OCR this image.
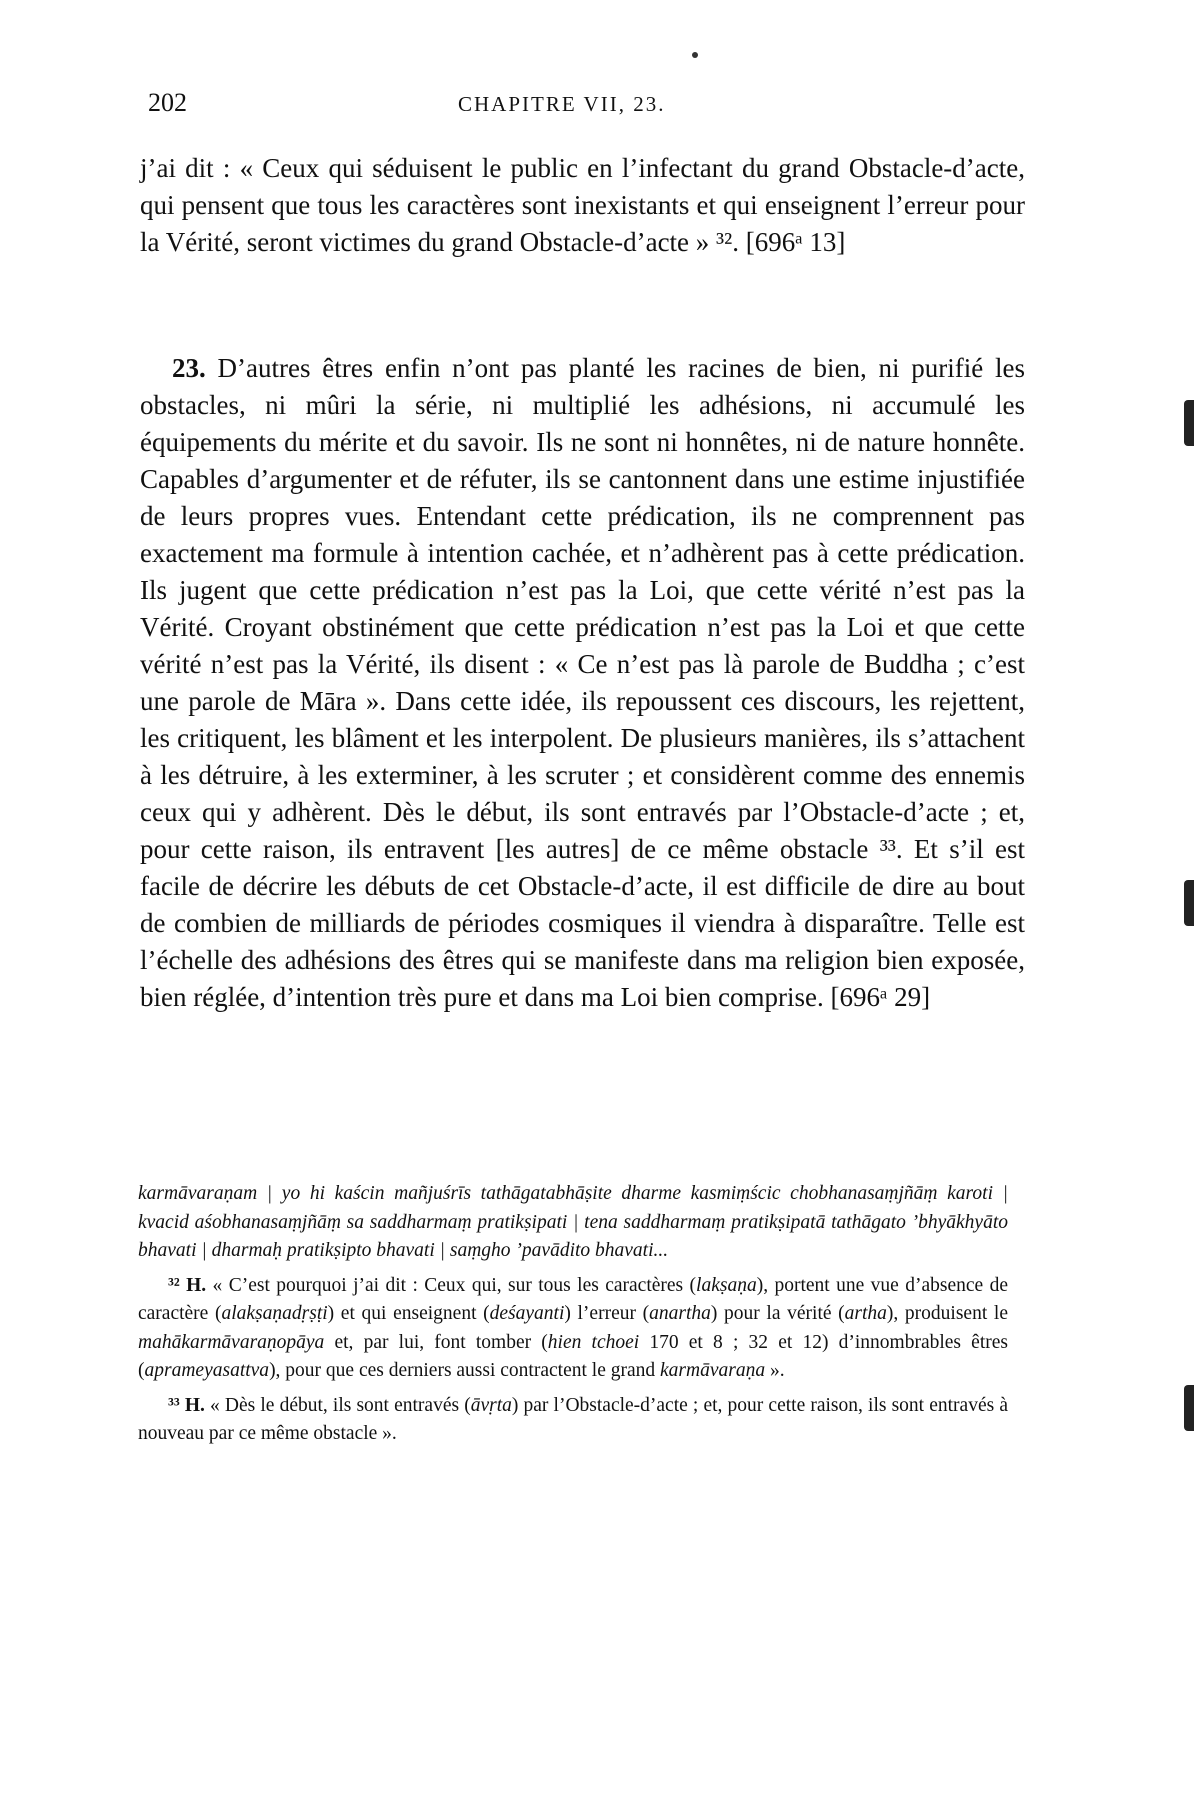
202	CHAPITRE VII, 23.

j’ai dit : « Ceux qui séduisent le public en l’infectant du grand Obstacle-d’acte, qui pensent que tous les caractères sont inexistants et qui enseignent l’erreur pour la Vérité, seront victimes du grand Obstacle-d’acte » ³². [696ᵃ 13]

23. D’autres êtres enfin n’ont pas planté les racines de bien, ni purifié les obstacles, ni mûri la série, ni multiplié les adhésions, ni accumulé les équipements du mérite et du savoir. Ils ne sont ni honnêtes, ni de nature honnête. Capables d’argumenter et de réfuter, ils se cantonnent dans une estime injustifiée de leurs propres vues. Entendant cette prédication, ils ne comprennent pas exactement ma formule à intention cachée, et n’adhèrent pas à cette prédication. Ils jugent que cette prédication n’est pas la Loi, que cette vérité n’est pas la Vérité. Croyant obstinément que cette prédication n’est pas la Loi et que cette vérité n’est pas la Vérité, ils disent : « Ce n’est pas là parole de Buddha ; c’est une parole de Māra ». Dans cette idée, ils repoussent ces discours, les rejettent, les critiquent, les blâment et les interpolent. De plusieurs manières, ils s’attachent à les détruire, à les exterminer, à les scruter ; et considèrent comme des ennemis ceux qui y adhèrent. Dès le début, ils sont entravés par l’Obstacle-d’acte ; et, pour cette raison, ils entravent [les autres] de ce même obstacle ³³. Et s’il est facile de décrire les débuts de cet Obstacle-d’acte, il est difficile de dire au bout de combien de milliards de périodes cosmiques il viendra à disparaître. Telle est l’échelle des adhésions des êtres qui se manifeste dans ma religion bien exposée, bien réglée, d’intention très pure et dans ma Loi bien comprise. [696ᵃ 29]

karmāvaraṇam | yo hi kaścin mañjuśrīs tathāgatabhāṣite dharme kasmiṃścic chobhanasaṃjñāṃ karoti | kvacid aśobhanasaṃjñāṃ sa saddharmaṃ pratikṣipati | tena saddharmaṃ pratikṣipatā tathāgato ’bhyākhyāto bhavati | dharmaḥ pratikṣipto bhavati | saṃgho ’pavādito bhavati...

³² H. « C’est pourquoi j’ai dit : Ceux qui, sur tous les caractères (lakṣaṇa), portent une vue d’absence de caractère (alakṣaṇadṛṣṭi) et qui enseignent (deśayanti) l’erreur (anartha) pour la vérité (artha), produisent le mahākarmāvaraṇopāya et, par lui, font tomber (hien tchoei 170 et 8 ; 32 et 12) d’innombrables êtres (aprameyasattva), pour que ces derniers aussi contractent le grand karmāvaraṇa ».

³³ H. « Dès le début, ils sont entravés (āvṛta) par l’Obstacle-d’acte ; et, pour cette raison, ils sont entravés à nouveau par ce même obstacle ».
